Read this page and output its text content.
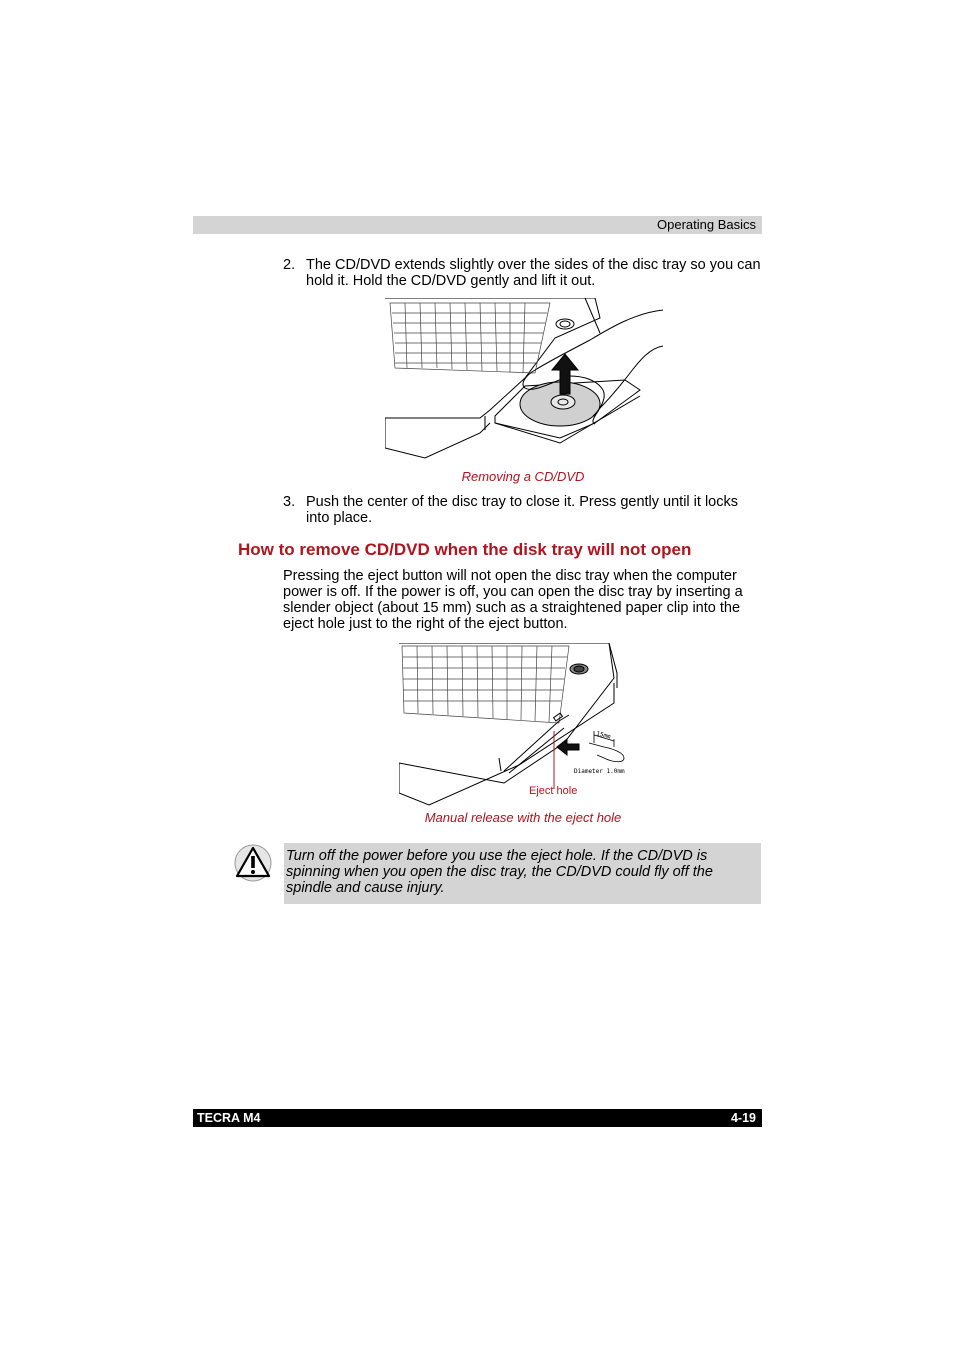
Operating Basics
2. The CD/DVD extends slightly over the sides of the disc tray so you can hold it. Hold the CD/DVD gently and lift it out.
Removing a CD/DVD
3. Push the center of the disc tray to close it. Press gently until it locks into place.
How to remove CD/DVD when the disk tray will not open

Pressing the eject button will not open the disc tray when the computer power is off. If the power is off, you can open the disc tray by inserting a slender object (about 15 mm) such as a straightened paper clip into the eject hole just to the right of the eject button.

15mm
Diameter 1.0mm
Eject hole
Manual release with the eject hole

Turn off the power before you use the eject hole. If the CD/DVD is spinning when you open the disc tray, the CD/DVD could fly off the spindle and cause injury.

TECRA M4	4-19
